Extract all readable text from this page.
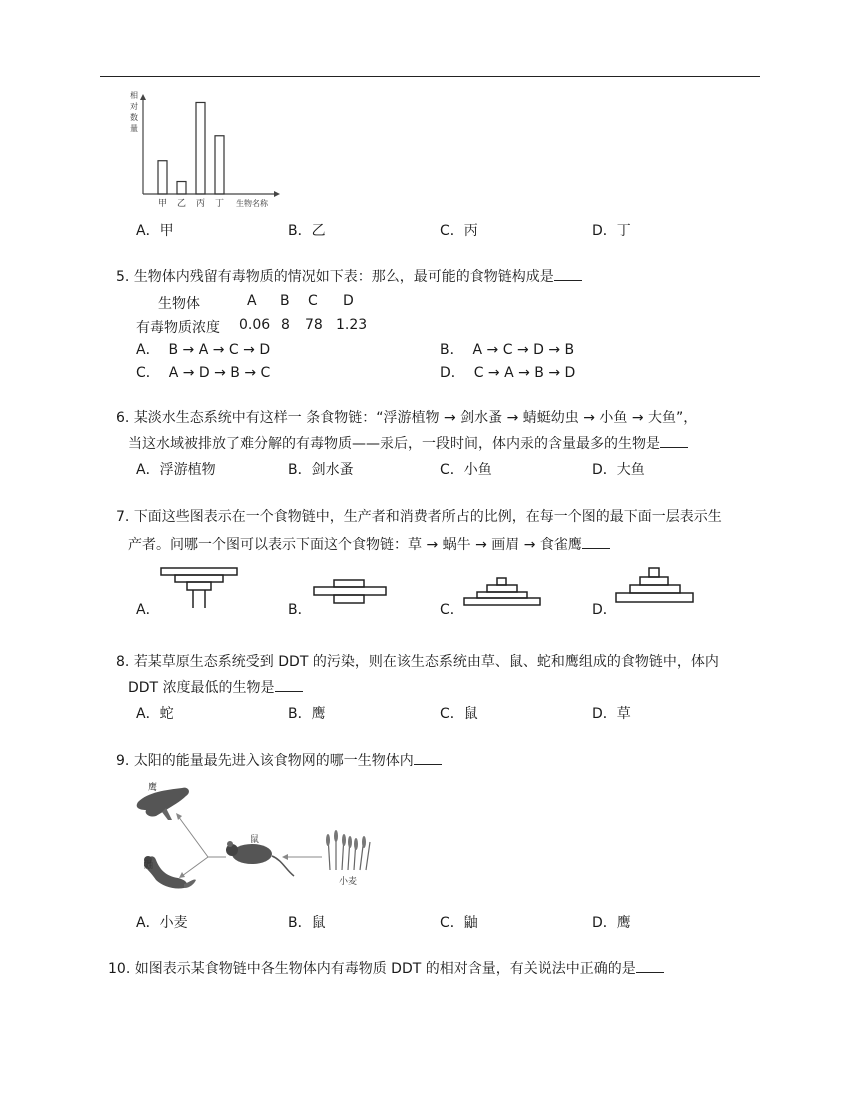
相
对
数
量
甲 乙 丙 丁 生物名称
A．甲	B．乙	C．丙	D．丁
5. 生物体内残留有毒物质的情况如下表：那么，最可能的食物链构成是
生物体	A B C D
有毒物质浓度 0.06 8 78 1.23
A． B → A → C → D	B． A → C → D → B
C． A → D → B → C	D． C → A → B → D
6. 某淡水生态系统中有这样一 条食物链：“浮游植物 → 剑水蚤 → 蜻蜓幼虫 → 小鱼 → 大鱼”，
当这水域被排放了难分解的有毒物质——汞后，一段时间，体内汞的含量最多的生物是
A．浮游植物	B．剑水蚤	C．小鱼	D．大鱼
7. 下面这些图表示在一个食物链中，生产者和消费者所占的比例，在每一个图的最下面一层表示生
产者。问哪一个图可以表示下面这个食物链：草 → 蜗牛 → 画眉 → 食雀鹰
A．	B．	C．	D．
8. 若某草原生态系统受到 DDT 的污染，则在该生态系统由草、鼠、蛇和鹰组成的食物链中，体内
DDT 浓度最低的生物是
A．蛇	B．鹰	C．鼠	D．草
9. 太阳的能量最先进入该食物网的哪一生物体内
鹰
鼬
鼠
小麦
A．小麦	B．鼠	C．鼬	D．鹰
10. 如图表示某食物链中各生物体内有毒物质 DDT 的相对含量，有关说法中正确的是
